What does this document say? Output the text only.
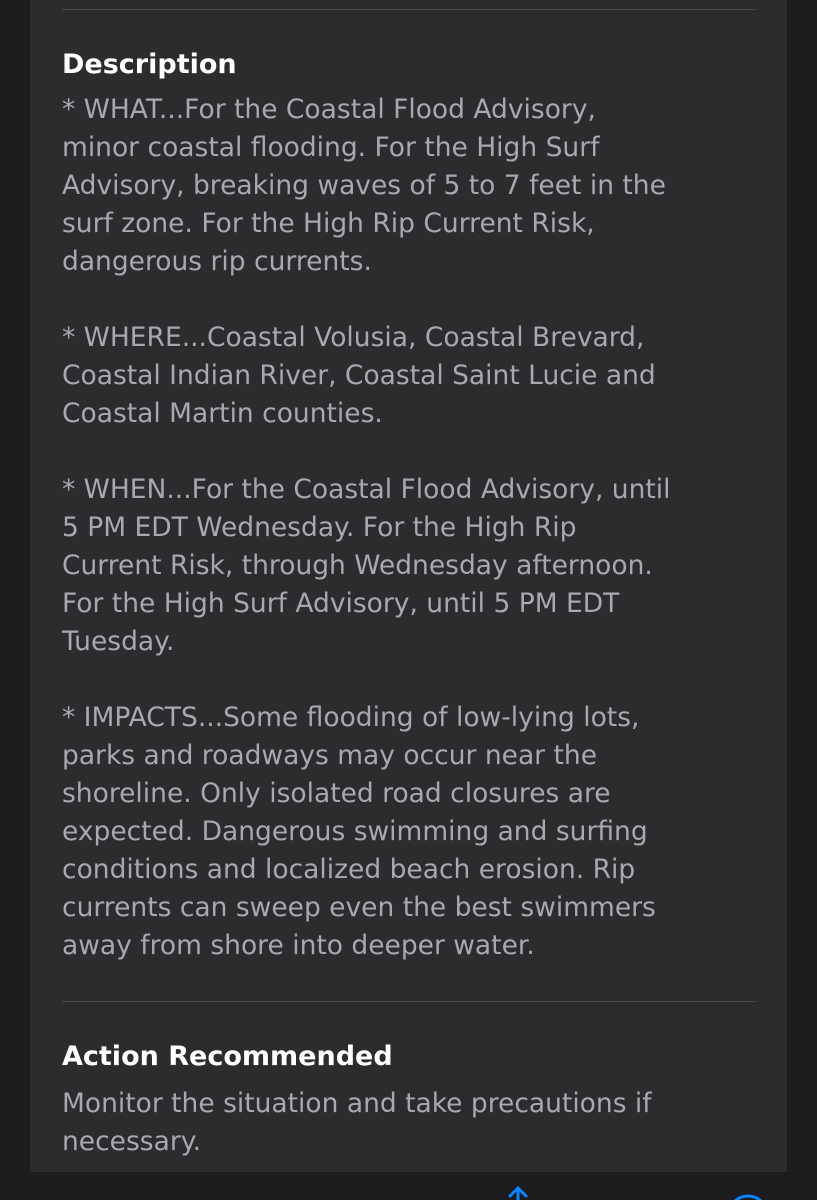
Description

* WHAT...For the Coastal Flood Advisory,

minor coastal flooding. For the High Surf

Advisory, breaking waves of 5 to 7 feet in the

surf zone. For the High Rip Current Risk,

dangerous rip currents.

* WHERE...Coastal Volusia, Coastal Brevard,

Coastal Indian River, Coastal Saint Lucie and

Coastal Martin counties.

* WHEN...For the Coastal Flood Advisory, until

5 PM EDT Wednesday. For the High Rip

Current Risk, through Wednesday afternoon.

For the High Surf Advisory, until 5 PM EDT

Tuesday.

* IMPACTS...Some flooding of low-lying lots,

parks and roadways may occur near the

shoreline. Only isolated road closures are

expected. Dangerous swimming and surfing

conditions and localized beach erosion. Rip

currents can sweep even the best swimmers

away from shore into deeper water.

Action Recommended

Monitor the situation and take precautions if

necessary.
